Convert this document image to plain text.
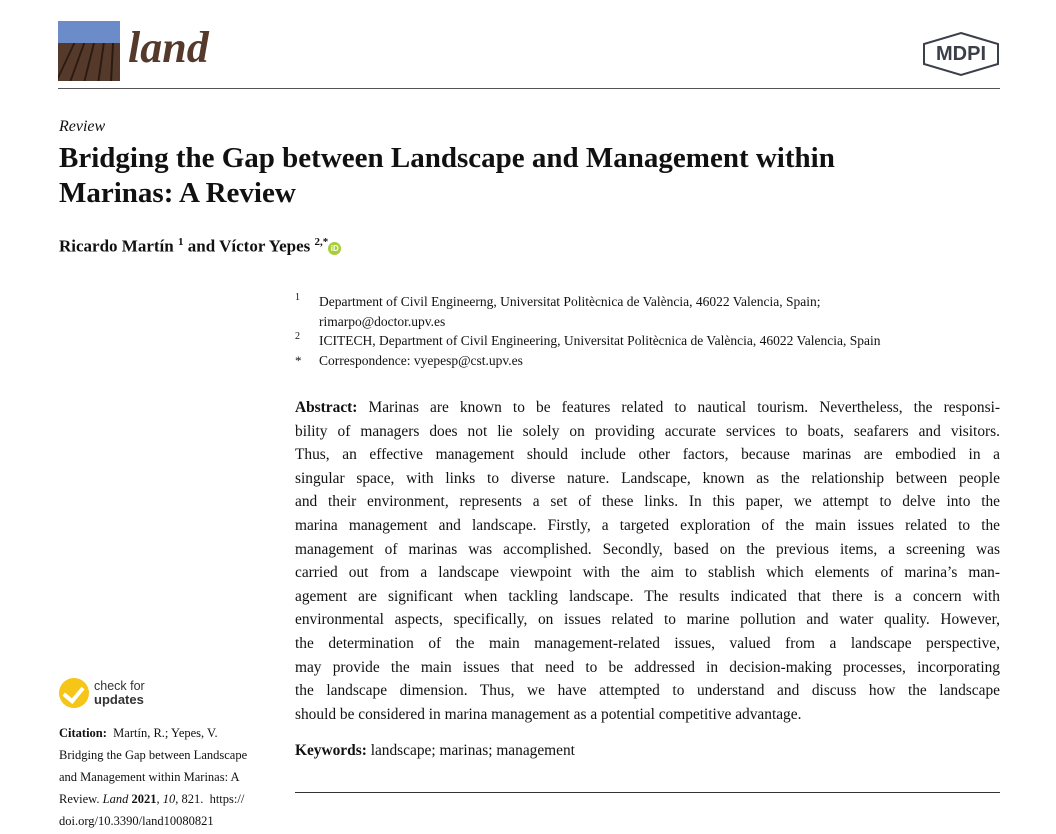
land	MDPI
Review
Bridging the Gap between Landscape and Management within
Marinas: A Review
Ricardo Martín $^1$ and Víctor Yepes $^{2,*}$iD
1 Department of Civil Engineerng, Universitat Politècnica de València, 46022 Valencia, Spain;
rimarpo@doctor.upv.es
2 ICITECH, Department of Civil Engineering, Universitat Politècnica de València, 46022 Valencia, Spain
* Correspondence: vyepesp@cst.upv.es
Abstract: Marinas are known to be features related to nautical tourism. Nevertheless, the responsi-
bility of managers does not lie solely on providing accurate services to boats, seafarers and visitors.
Thus, an effective management should include other factors, because marinas are embodied in a
singular space, with links to diverse nature. Landscape, known as the relationship between people
and their environment, represents a set of these links. In this paper, we attempt to delve into the
marina management and landscape. Firstly, a targeted exploration of the main issues related to the
management of marinas was accomplished. Secondly, based on the previous items, a screening was
carried out from a landscape viewpoint with the aim to stablish which elements of marina’s man-
agement are significant when tackling landscape. The results indicated that there is a concern with
environmental aspects, specifically, on issues related to marine pollution and water quality. However,
the determination of the main management-related issues, valued from a landscape perspective,
may provide the main issues that need to be addressed in decision-making processes, incorporating
the landscape dimension. Thus, we have attempted to understand and discuss how the landscape
should be considered in marina management as a potential competitive advantage.
Keywords: landscape; marinas; management
check for
updates
Citation: Martín, R.; Yepes, V.
Bridging the Gap between Landscape
and Management within Marinas: A
Review. Land 2021, 10, 821. https://
doi.org/10.3390/land10080821
